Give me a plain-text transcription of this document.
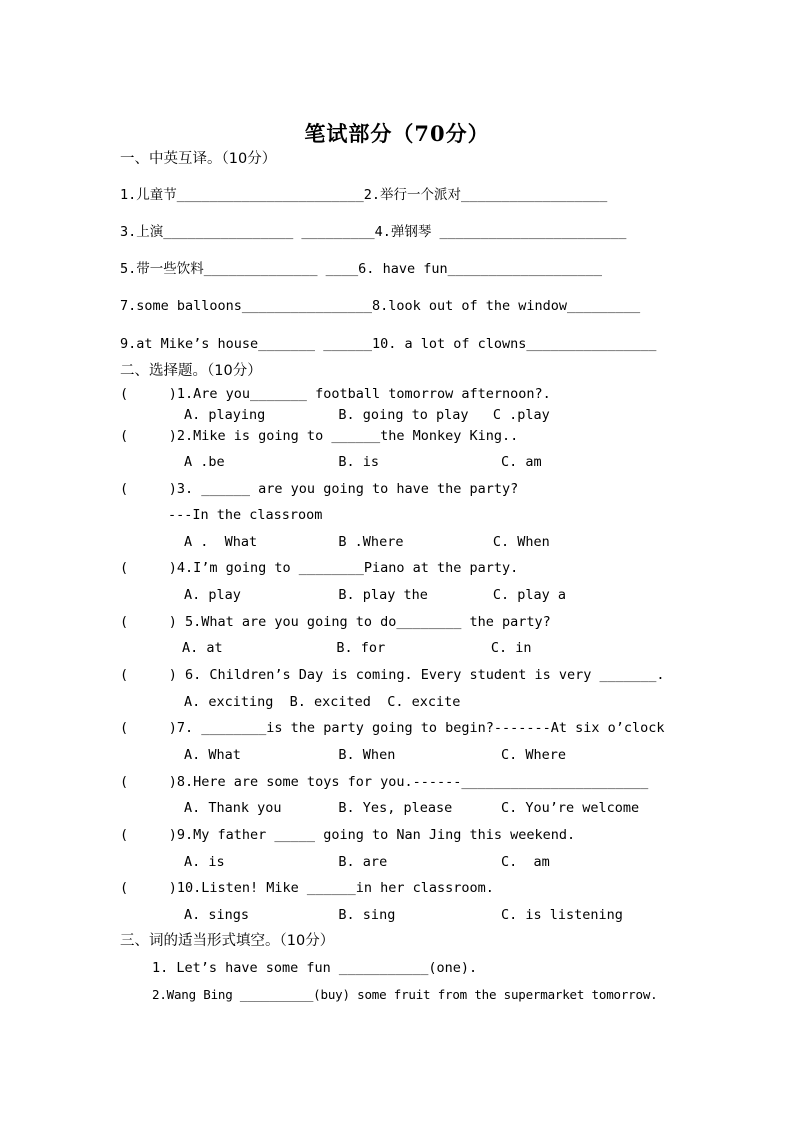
笔试部分（70分）
一、中英互译。（10分）
1.儿童节_______________________2.举行一个派对__________________
3.上演________________ _________4.弹钢琴 _______________________
5.带一些饮料______________ ____6. have fun___________________
7.some balloons________________8.look out of the window_________
9.at Mike’s house_______ ______10. a lot of clowns________________
二、选择题。（10分）
(     )1.Are you_______ football tomorrow afternoon?.
A. playing         B. going to play   C .play
(     )2.Mike is going to ______the Monkey King..
A .be              B. is               C. am
(     )3. ______ are you going to have the party?
---In the classroom
A .  What          B .Where           C. When
(     )4.I’m going to ________Piano at the party.
A. play            B. play the        C. play a
(     ) 5.What are you going to do________ the party?
A. at              B. for             C. in
(     ) 6. Children’s Day is coming. Every student is very _______.
A. exciting  B. excited  C. excite
(     )7. ________is the party going to begin?-------At six o’clock
A. What            B. When             C. Where
(     )8.Here are some toys for you.------_______________________
A. Thank you       B. Yes, please      C. You’re welcome
(     )9.My father _____ going to Nan Jing this weekend.
A. is              B. are              C.  am
(     )10.Listen! Mike ______in her classroom.
A. sings           B. sing             C. is listening
三、词的适当形式填空。（10分）
1. Let’s have some fun ___________(one).
2.Wang Bing __________(buy) some fruit from the supermarket tomorrow.
